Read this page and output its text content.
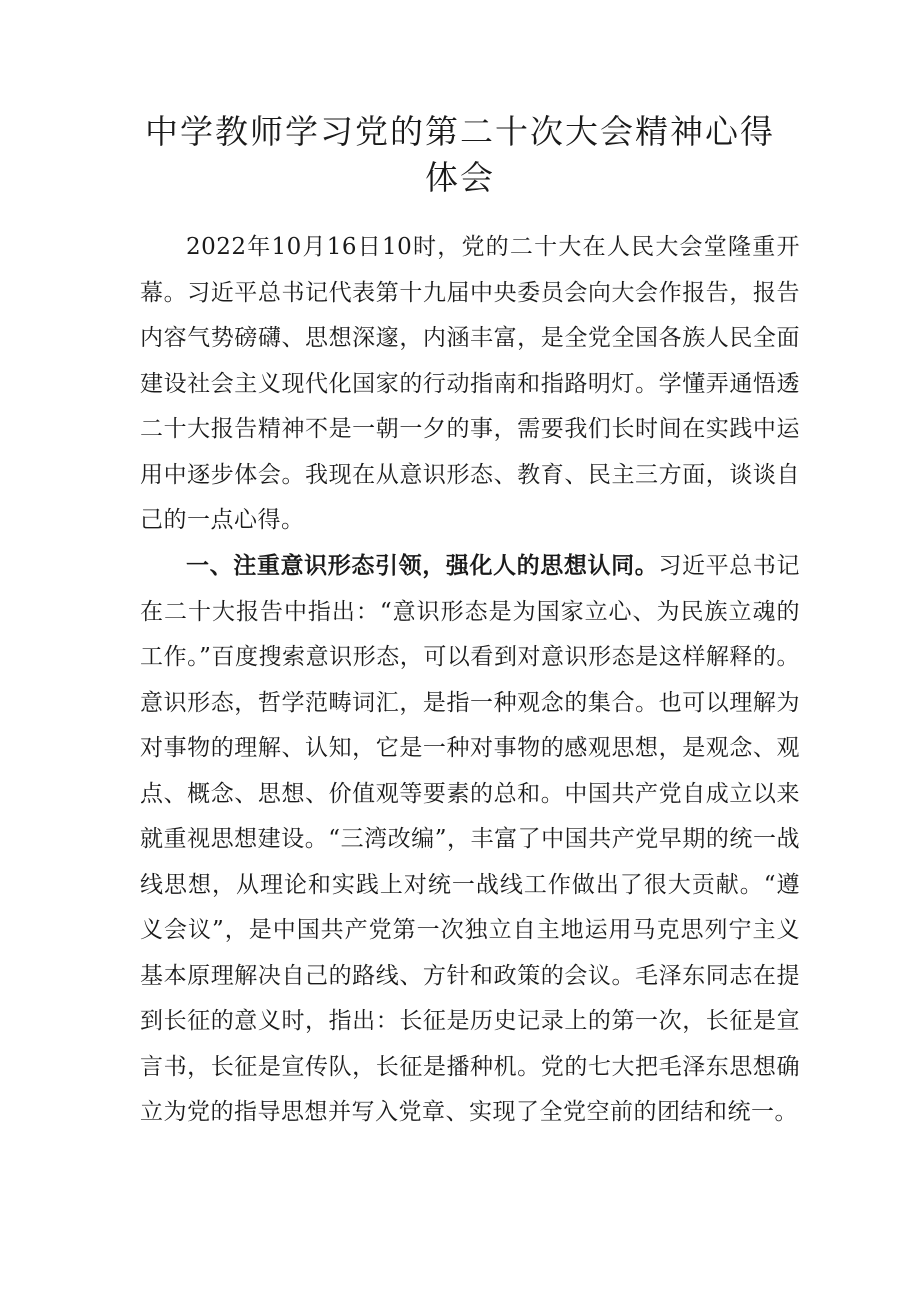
中学教师学习党的第二十次大会精神心得
体会

2022年10月16日10时，党的二十大在人民大会堂隆重开幕。习近平总书记代表第十九届中央委员会向大会作报告，报告内容气势磅礴、思想深邃，内涵丰富，是全党全国各族人民全面建设社会主义现代化国家的行动指南和指路明灯。学懂弄通悟透二十大报告精神不是一朝一夕的事，需要我们长时间在实践中运用中逐步体会。我现在从意识形态、教育、民主三方面，谈谈自己的一点心得。

一、注重意识形态引领，强化人的思想认同。习近平总书记在二十大报告中指出：“意识形态是为国家立心、为民族立魂的工作。”百度搜索意识形态，可以看到对意识形态是这样解释的。意识形态，哲学范畴词汇，是指一种观念的集合。也可以理解为对事物的理解、认知，它是一种对事物的感观思想，是观念、观点、概念、思想、价值观等要素的总和。中国共产党自成立以来就重视思想建设。“三湾改编”，丰富了中国共产党早期的统一战线思想，从理论和实践上对统一战线工作做出了很大贡献。“遵义会议”，是中国共产党第一次独立自主地运用马克思列宁主义基本原理解决自己的路线、方针和政策的会议。毛泽东同志在提到长征的意义时，指出：长征是历史记录上的第一次，长征是宣言书，长征是宣传队，长征是播种机。党的七大把毛泽东思想确立为党的指导思想并写入党章、实现了全党空前的团结和统一。
